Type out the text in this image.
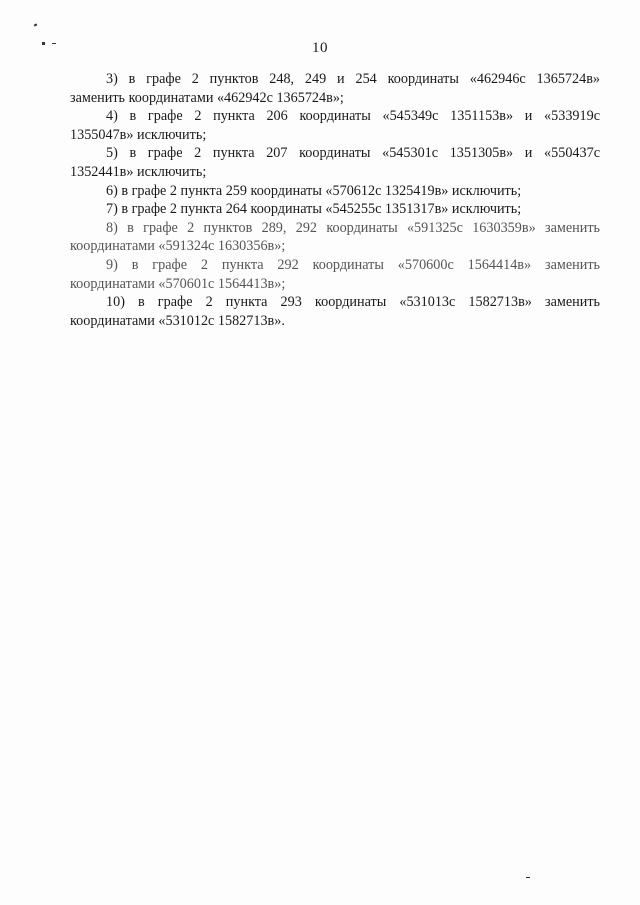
10

3) в графе 2 пунктов 248, 249 и 254 координаты «462946с 1365724в»
заменить координатами «462942с 1365724в»;

4) в графе 2 пункта 206 координаты «545349с 1351153в» и «533919с
1355047в» исключить;

5) в графе 2 пункта 207 координаты «545301с 1351305в» и «550437с
1352441в» исключить;

6) в графе 2 пункта 259 координаты «570612с 1325419в» исключить;

7) в графе 2 пункта 264 координаты «545255с 1351317в» исключить;

8) в графе 2 пунктов 289, 292 координаты «591325с 1630359в» заменить
координатами «591324с 1630356в»;

9) в графе 2 пункта 292 координаты «570600с 1564414в» заменить
координатами «570601с 1564413в»;

10) в графе 2 пункта 293 координаты «531013с 1582713в» заменить
координатами «531012с 1582713в».
